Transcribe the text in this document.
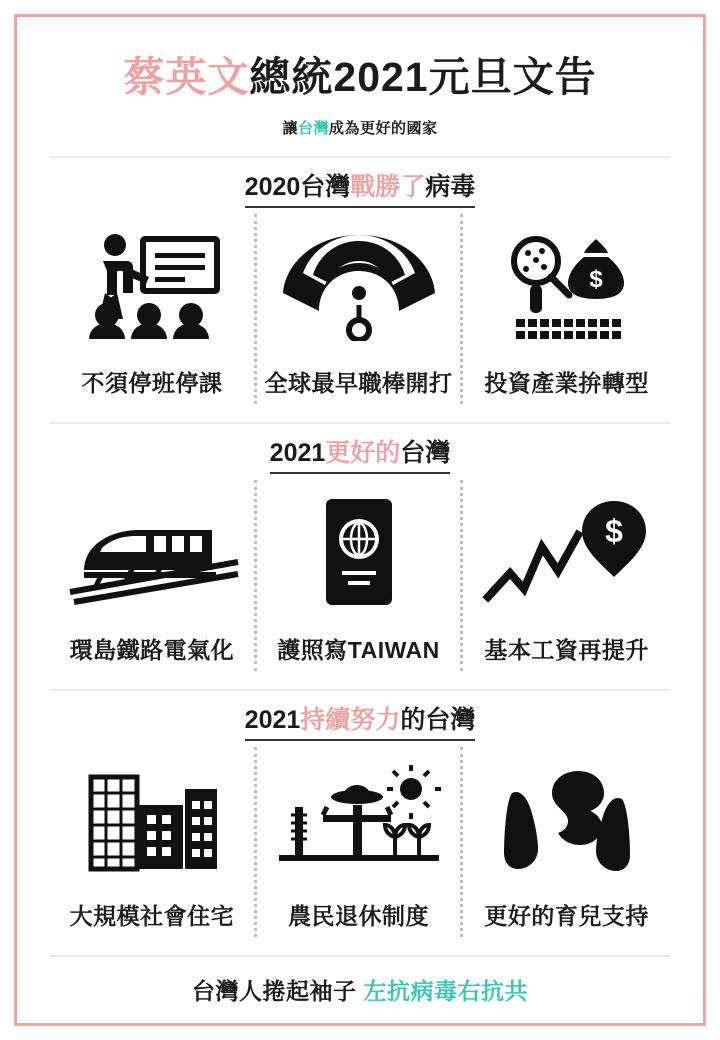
蔡英文總統2021元旦文告
讓台灣成為更好的國家
2020台灣戰勝了病毒
不須停班停課 全球最早職棒開打
$
投資產業拚轉型
2021更好的台灣
環島鐵路電氣化 護照寫TAIWAN
$
基本工資再提升
2021持續努力的台灣
大規模社會住宅 農民退休制度 更好的育兒支持
台灣人捲起袖子 左抗病毒右抗共
